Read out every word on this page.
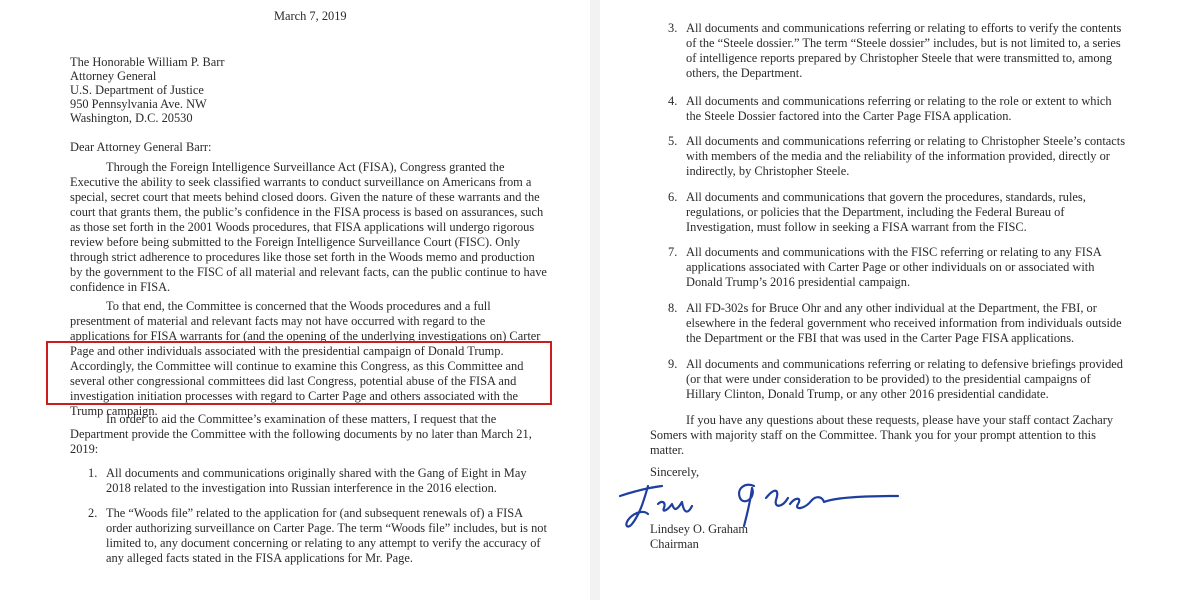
March 7, 2019

The Honorable William P. Barr

Attorney General

U.S. Department of Justice

950 Pennsylvania Ave. NW

Washington, D.C. 20530

Dear Attorney General Barr:

Through the Foreign Intelligence Surveillance Act (FISA), Congress granted the Executive the ability to seek classified warrants to conduct surveillance on Americans from a special, secret court that meets behind closed doors. Given the nature of these warrants and the court that grants them, the public’s confidence in the FISA process is based on assurances, such as those set forth in the 2001 Woods procedures, that FISA applications will undergo rigorous review before being submitted to the Foreign Intelligence Surveillance Court (FISC). Only through strict adherence to procedures like those set forth in the Woods memo and production by the government to the FISC of all material and relevant facts, can the public continue to have confidence in FISA.

To that end, the Committee is concerned that the Woods procedures and a full presentment of material and relevant facts may not have occurred with regard to the applications for FISA warrants for (and the opening of the underlying investigations on) Carter Page and other individuals associated with the presidential campaign of Donald Trump.

Accordingly, the Committee will continue to examine this Congress, as this Committee and several other congressional committees did last Congress, potential abuse of the FISA and investigation initiation processes with regard to Carter Page and others associated with the Trump campaign.

In order to aid the Committee’s examination of these matters, I request that the Department provide the Committee with the following documents by no later than March 21, 2019:

1. All documents and communications originally shared with the Gang of Eight in May 2018 related to the investigation into Russian interference in the 2016 election.

2. The “Woods file” related to the application for (and subsequent renewals of) a FISA order authorizing surveillance on Carter Page. The term “Woods file” includes, but is not limited to, any document concerning or relating to any attempt to verify the accuracy of any alleged facts stated in the FISA applications for Mr. Page.

3. All documents and communications referring or relating to efforts to verify the contents of the “Steele dossier.” The term “Steele dossier” includes, but is not limited to, a series of intelligence reports prepared by Christopher Steele that were transmitted to, among others, the Department.

4. All documents and communications referring or relating to the role or extent to which the Steele Dossier factored into the Carter Page FISA application.

5. All documents and communications referring or relating to Christopher Steele’s contacts with members of the media and the reliability of the information provided, directly or indirectly, by Christopher Steele.

6. All documents and communications that govern the procedures, standards, rules, regulations, or policies that the Department, including the Federal Bureau of Investigation, must follow in seeking a FISA warrant from the FISC.

7. All documents and communications with the FISC referring or relating to any FISA applications associated with Carter Page or other individuals on or associated with Donald Trump’s 2016 presidential campaign.

8. All FD-302s for Bruce Ohr and any other individual at the Department, the FBI, or elsewhere in the federal government who received information from individuals outside the Department or the FBI that was used in the Carter Page FISA applications.

9. All documents and communications referring or relating to defensive briefings provided (or that were under consideration to be provided) to the presidential campaigns of Hillary Clinton, Donald Trump, or any other 2016 presidential candidate.

If you have any questions about these requests, please have your staff contact Zachary Somers with majority staff on the Committee. Thank you for your prompt attention to this matter.

Sincerely,

Lindsey O. Graham

Chairman
